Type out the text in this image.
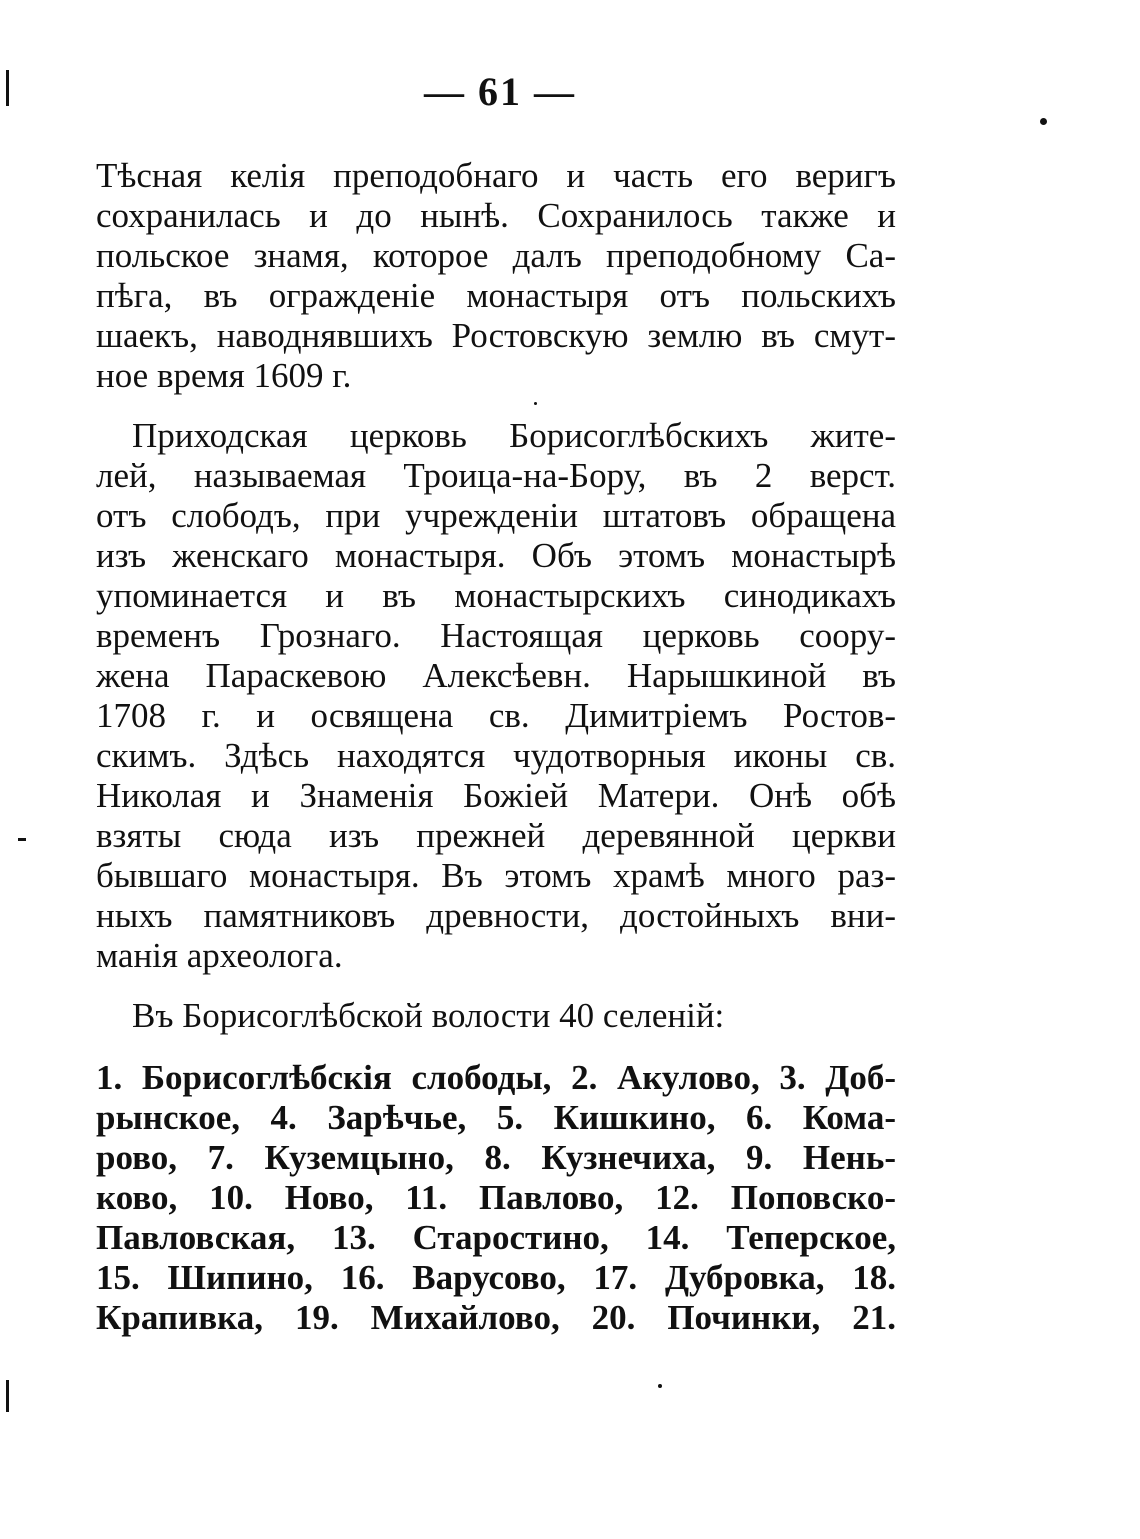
— 61 —
Тѣсная келія преподобнаго и часть его веригъ
сохранилась и до нынѣ. Сохранилось также и
польское знамя, которое далъ преподобному Са-
пѣга, въ огражденіе монастыря отъ польскихъ
шаекъ, наводнявшихъ Ростовскую землю въ смут-
ное время 1609 г.
Приходская церковь Борисоглѣбскихъ жите-
лей, называемая Троица-на-Бору, въ 2 верст.
отъ слободъ, при учрежденіи штатовъ обращена
изъ женскаго монастыря. Объ этомъ монастырѣ
упоминается и въ монастырскихъ синодикахъ
временъ Грознаго. Настоящая церковь соору-
жена Параскевою Алексѣевн. Нарышкиной въ
1708 г. и освящена св. Димитріемъ Ростов-
скимъ. Здѣсь находятся чудотворныя иконы св.
Николая и Знаменія Божіей Матери. Онѣ обѣ
взяты сюда изъ прежней деревянной церкви
бывшаго монастыря. Въ этомъ храмѣ много раз-
ныхъ памятниковъ древности, достойныхъ вни-
манія археолога.
Въ Борисоглѣбской волости 40 селеній:
1. Борисоглѣбскія слободы, 2. Акулово, 3. Доб-
рынское, 4. Зарѣчье, 5. Кишкино, 6. Кома-
рово, 7. Куземцыно, 8. Кузнечиха, 9. Нень-
ково, 10. Ново, 11. Павлово, 12. Поповско-
Павловская, 13. Старостино, 14. Теперское,
15. Шипино, 16. Варусово, 17. Дубровка, 18.
Крапивка, 19. Михайлово, 20. Починки, 21.
